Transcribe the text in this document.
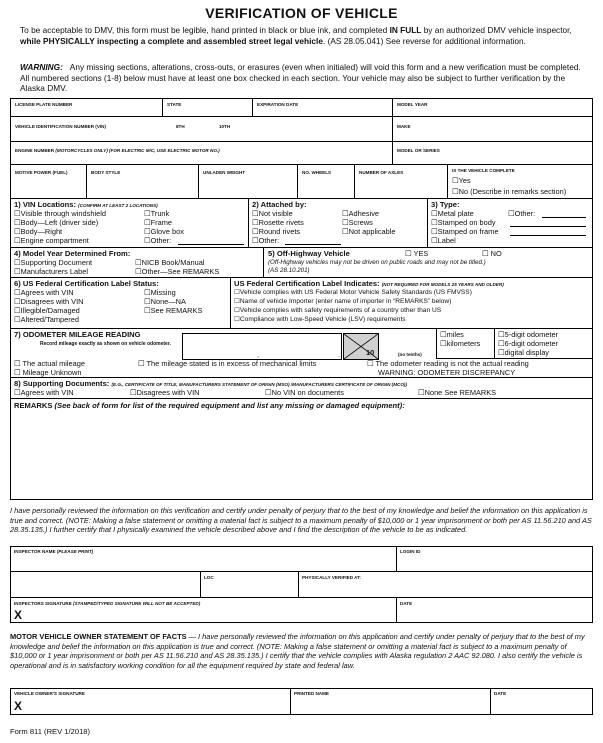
VERIFICATION OF VEHICLE
To be acceptable to DMV, this form must be legible, hand printed in black or blue ink, and completed IN FULL by an authorized DMV vehicle inspector, while PHYSICALLY inspecting a complete and assembled street legal vehicle. (AS 28.05.041) See reverse for additional information.
WARNING: Any missing sections, alterations, cross-outs, or erasures (even when initialed) will void this form and a new verification must be completed. All numbered sections (1-8) below must have at least one box checked in each section. Your vehicle may also be subject to further verification by the Alaska DMV.
LICENSE PLATE NUMBER	STATE	EXPIRATION DATE	MODEL YEAR
VEHICLE IDENTIFICATION NUMBER (VIN)	8TH	10TH	MAKE
ENGINE NUMBER (MOTORCYCLES ONLY) (FOR ELECTRIC M/C, USE ELECTRIC MOTOR NO.)	MODEL OR SERIES
MOTIVE POWER (FUEL)	BODY STYLE	UNLADEN WEIGHT	NO. WHEELS	NUMBER OF AXLES	IS THE VEHICLE COMPLETE
☐Yes
☐No (Describe in remarks section)
1) VIN Locations: (CONFIRM AT LEAST 2 LOCATIONS)
☐Visible through windshield
☐Body—Left (driver side)
☐Body—Right
☐Engine compartment
☐Trunk
☐Frame
☐Glove box
☐Other:
2) Attached by:
☐Not visible
☐Rosette rivets
☐Round rivets
☐Other:
☐Adhesive
☐Screws
☐Not applicable
3) Type:
☐Metal plate
☐Stamped on body
☐Stamped on frame
☐Label
☐Other:
4) Model Year Determined From:
☐Supporting Document
☐Manufacturers Label
☐NICB Book/Manual
☐Other—See REMARKS
5) Off-Highway Vehicle	☐ YES	☐ NO
(Off-Highway vehicles may not be driven on public roads and may not be titled.)
(AS 28.10.201)
6) US Federal Certification Label Status:
☐Agrees with VIN
☐Disagrees with VIN
☐Illegible/Damaged
☐Altered/Tampered
☐Missing
☐None—NA
☐See REMARKS
US Federal Certification Label Indicates: (NOT REQUIRED FOR MODELS 25 YEARS AND OLDER)
☐Vehicle complies with US Federal Motor Vehicle Safety Standards (US FMVSS)
☐Name of vehicle Importer (enter name of importer in “REMARKS” below)
☐Vehicle complies with safety requirements of a country other than US
☐Compliance with Low-Speed Vehicle (LSV) requirements
7) ODOMETER MILEAGE READING
Record mileage exactly as shown on vehicle odometer.
,	.	10	(no tenths)
☐miles
☐kilometers
☐5-digit odometer
☐6-digit odometer
☐digital display
☐ The actual mileage	☐ The mileage stated is in excess of mechanical limits	☐ The odometer reading is not the actual reading
☐ Mileage Unknown	WARNING: ODOMETER DISCREPANCY
8) Supporting Documents: (E.G., CERTIFICATE OF TITLE, MANUFACTURERS STATEMENT OF ORIGIN (MSO) /MANUFACTURERS CERTIFICATE OF ORIGIN (MCO))
☐Agrees with VIN	☐Disagrees with VIN	☐No VIN on documents	☐None See REMARKS
REMARKS (See back of form for list of the required equipment and list any missing or damaged equipment):
I have personally reviewed the information on this verification and certify under penalty of perjury that to the best of my knowledge and belief the information on this application is true and correct. (NOTE: Making a false statement or omitting a material fact is subject to a maximum penalty of $10,000 or 1 year imprisonment or both per AS 11.56.210 and AS 28.35.135.) I further certify that I physically examined the vehicle described above and I find the description of the vehicle to be as indicated.
INSPECTOR NAME (PLEASE PRINT)	LOGIN ID
LOC	PHYSICALLY VERIFIED AT:
INSPECTORS SIGNATURE (STAMPED/TYPED SIGNATURE WILL NOT BE ACCEPTED)
X
DATE
MOTOR VEHICLE OWNER STATEMENT OF FACTS — I have personally reviewed the information on this application and certify under penalty of perjury that to the best of my knowledge and belief the information on this application is true and correct. (NOTE: Making a false statement or omitting a material fact is subject to a maximum penalty of $10,000 or 1 year imprisonment or both per AS 11.56.210 and AS 28.35.135.) I certify that the vehicle complies with Alaska regulation 2 AAC 92.080. I also certify the vehicle is operational and is in satisfactory working condition for all the equipment required by state and federal law.
VEHICLE OWNER'S SIGNATURE
X
PRINTED NAME	DATE
Form 811 (REV 1/2018)
